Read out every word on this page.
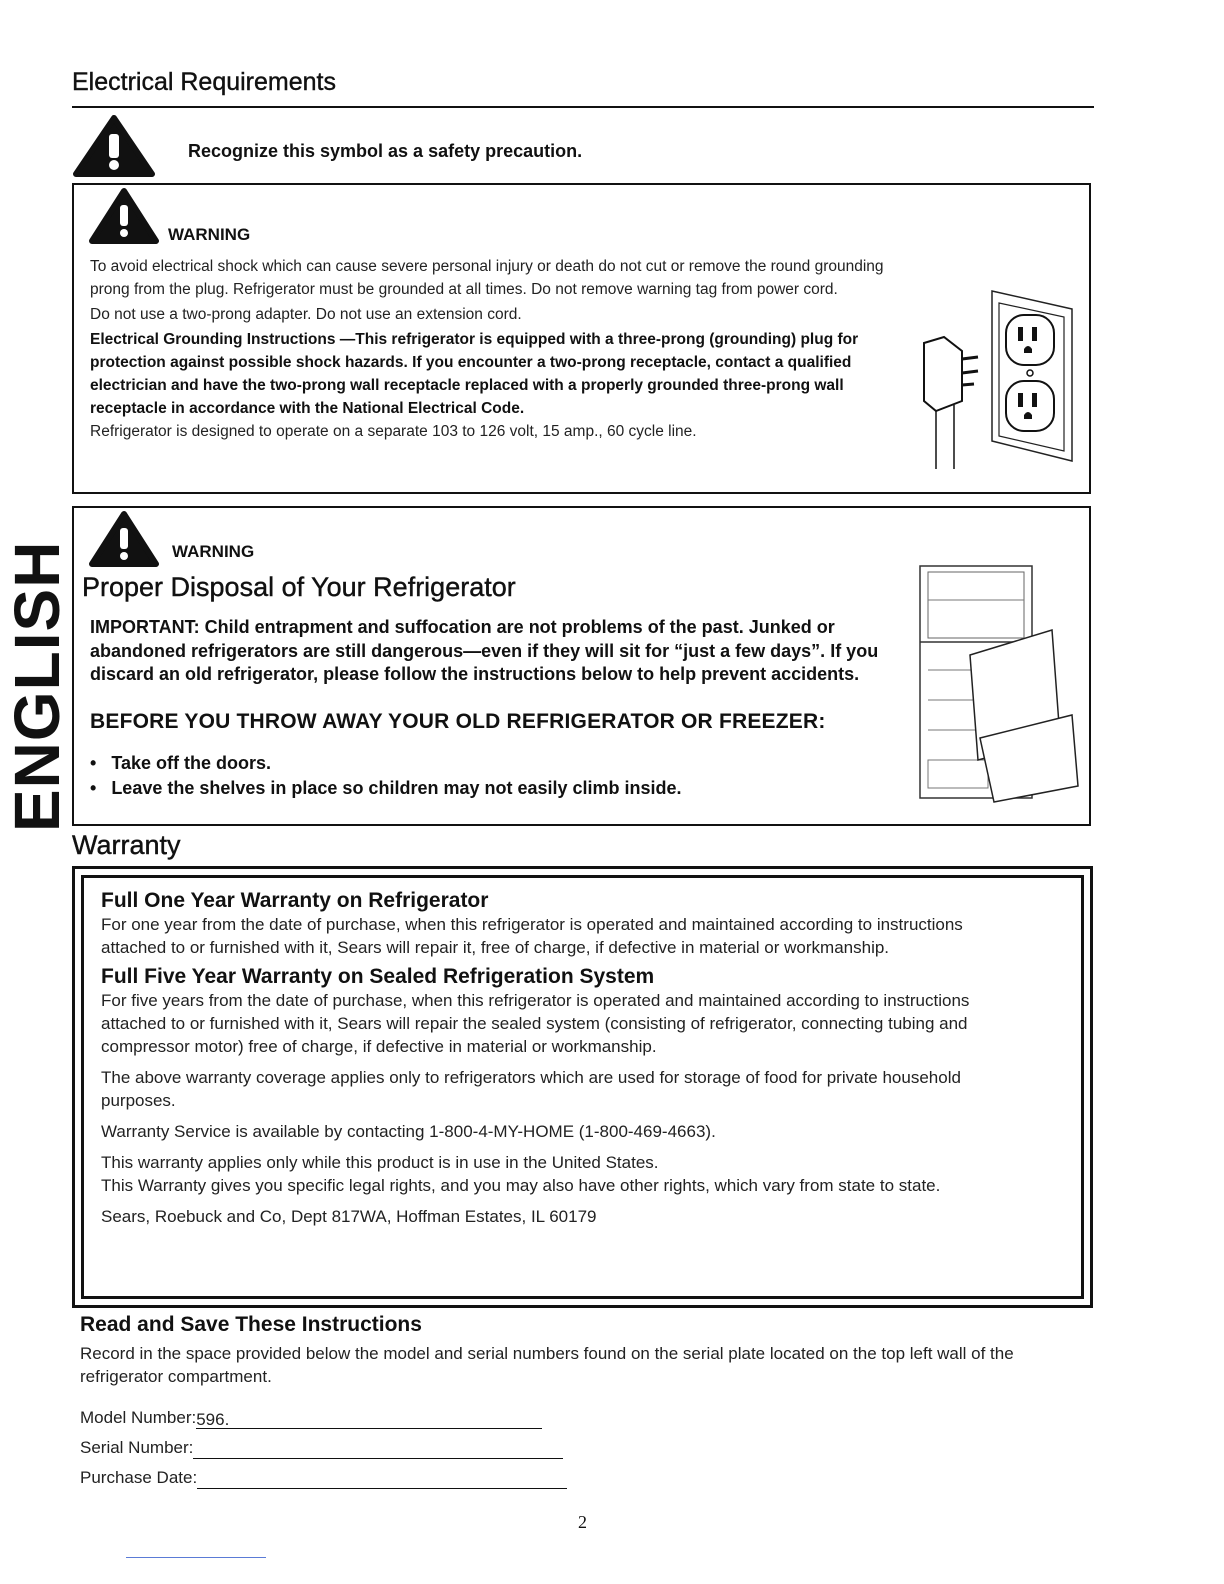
Electrical Requirements
Recognize this symbol as a safety precaution.
WARNING

To avoid electrical shock which can cause severe personal injury or death do not cut or remove the round grounding prong from the plug. Refrigerator must be grounded at all times. Do not remove warning tag from power cord.

Do not use a two-prong adapter. Do not use an extension cord.

Electrical Grounding Instructions —This refrigerator is equipped with a three-prong (grounding) plug for protection against possible shock hazards. If you encounter a two-prong receptacle, contact a qualified electrician and have the two-prong wall receptacle replaced with a properly grounded three-prong wall receptacle in accordance with the National Electrical Code.

Refrigerator is designed to operate on a separate 103 to 126 volt, 15 amp., 60 cycle line.

WARNING
Proper Disposal of Your Refrigerator

IMPORTANT: Child entrapment and suffocation are not problems of the past. Junked or abandoned refrigerators are still dangerous—even if they will sit for “just a few days”. If you discard an old refrigerator, please follow the instructions below to help prevent accidents.

BEFORE YOU THROW AWAY YOUR OLD REFRIGERATOR OR FREEZER:
•   Take off the doors.
•   Leave the shelves in place so children may not easily climb inside.
ENGLISH
Warranty
Full One Year Warranty on Refrigerator

For one year from the date of purchase, when this refrigerator is operated and maintained according to instructions attached to or furnished with it, Sears will repair it, free of charge, if defective in material or workmanship.

Full Five Year Warranty on Sealed Refrigeration System

For five years from the date of purchase, when this refrigerator is operated and maintained according to instructions attached to or furnished with it, Sears will repair the sealed system (consisting of refrigerator, connecting tubing and compressor motor) free of charge, if defective in material or workmanship.

The above warranty coverage applies only to refrigerators which are used for storage of food for private household purposes.

Warranty Service is available by contacting 1-800-4-MY-HOME (1-800-469-4663).

This warranty applies only while this product is in use in the United States.

This Warranty gives you specific legal rights, and you may also have other rights, which vary from state to state.

Sears, Roebuck and Co, Dept 817WA, Hoffman Estates, IL 60179

Read and Save These Instructions

Record in the space provided below the model and serial numbers found on the serial plate located on the top left wall of the refrigerator compartment.

Model Number:596.
Serial Number:
Purchase Date:
2
